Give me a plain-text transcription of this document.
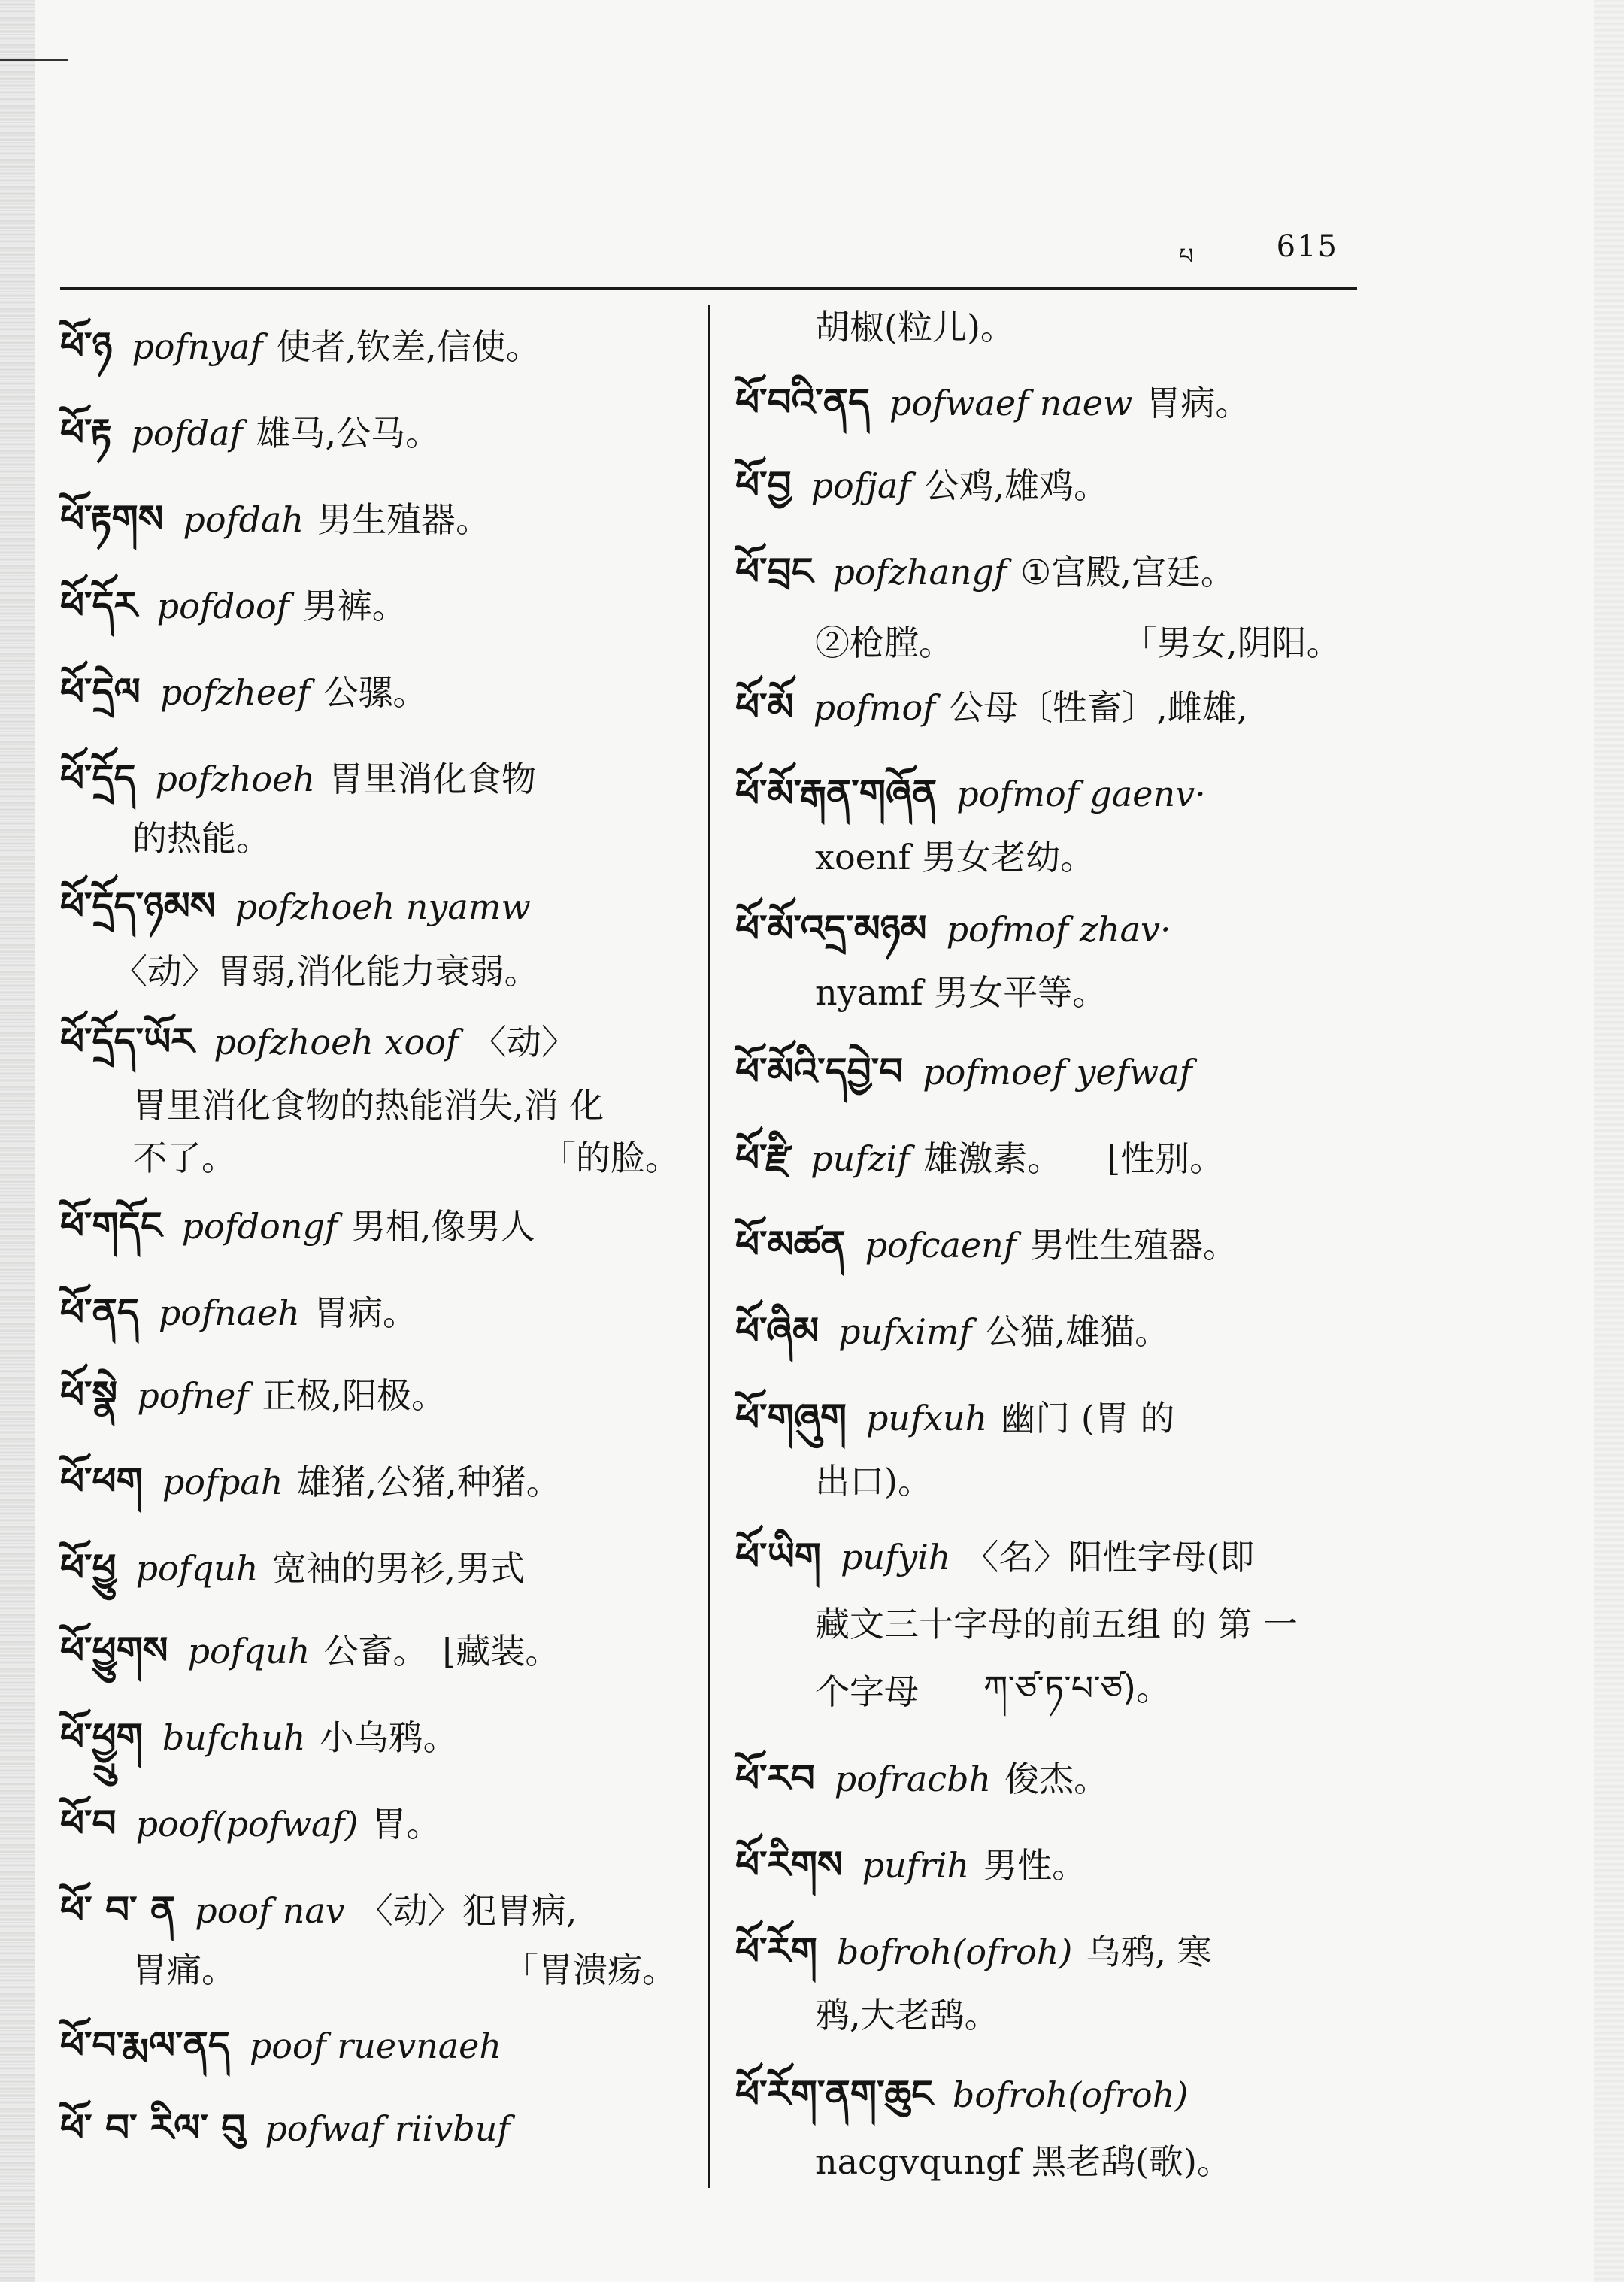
པ	615
ཕོ་ཉ pofnyaf 使者,钦差,信使。
ཕོ་རྟ pofdaf 雄马,公马。
ཕོ་རྟགས pofdah 男生殖器。
ཕོ་དོར pofdoof 男裤。
ཕོ་དྲེལ pofzheef 公骡。
ཕོ་དྲོད pofzhoeh 胃里消化食物
的热能。
ཕོ་དྲོད་ཉམས pofzhoeh nyamw
〈动〉胃弱,消化能力衰弱。
ཕོ་དྲོད་ཡོར pofzhoeh xoof 〈动〉
胃里消化食物的热能消失,消 化
不了。	「的脸。
ཕོ་གདོང pofdongf 男相,像男人
ཕོ་ནད pofnaeh 胃病。
ཕོ་སྣེ pofnef 正极,阳极。
ཕོ་ཕག pofpah 雄猪,公猪,种猪。
ཕོ་ཕྱུ pofquh 宽袖的男衫,男式
ཕོ་ཕྱུགས pofquh 公畜。 ⌊藏装。
ཕོ་ཕྱྲུག bufchuh 小乌鸦。
ཕོ་བ poof(pofwaf) 胃。
ཕོ་ བ་ ན poof nav 〈动〉犯胃病,
胃痛。	「胃溃疡。
ཕོ་བ་རྨལ་ནད poof ruevnaeh
ཕོ་ བ་ རིལ་ བུ pofwaf riivbuf
胡椒(粒儿)。
ཕོ་བའི་ནད pofwaef naew 胃病。
ཕོ་བྱ pofjaf 公鸡,雄鸡。
ཕོ་བྲང pofzhangf ①宫殿,宫廷。
②枪膛。	「男女,阴阳。
ཕོ་མོ pofmof 公母〔牲畜〕,雌雄,
ཕོ་མོ་རྒན་གཞོན pofmof gaenv·
xoenf 男女老幼。
ཕོ་མོ་འདྲ་མཉམ pofmof zhav·
nyamf 男女平等。
ཕོ་མོའི་དབྱེ་བ pofmoef yefwaf
ཕོ་རྫི pufzif 雄激素。 ⌊性别。
ཕོ་མཚན pofcaenf 男性生殖器。
ཕོ་ཞིམ pufximf 公猫,雄猫。
ཕོ་གཞུག pufxuh 幽门 (胃 的
出口)。
ཕོ་ཡིག pufyih 〈名〉阳性字母(即
藏文三十字母的前五组 的 第 一
个字母 ཀ་ཙ་ཏ་པ་ཙ)。
ཕོ་རབ pofracbh 俊杰。
ཕོ་རིགས pufrih 男性。
ཕོ་རོག bofroh(ofroh) 乌鸦, 寒
鸦,大老鸹。
ཕོ་རོག་ནག་ཆུང bofroh(ofroh)
nacgvqungf 黑老鸹(歌)。
